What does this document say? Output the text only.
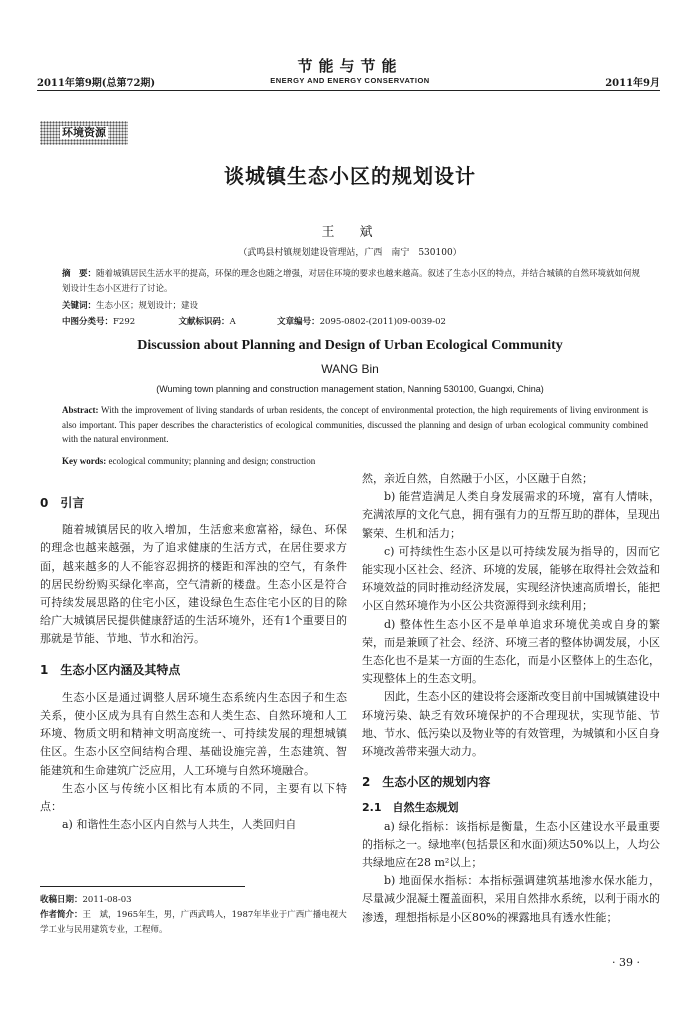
2011年第9期(总第72期)
节能与节能
ENERGY AND ENERGY CONSERVATION	2011年9月
环境资源
谈城镇生态小区的规划设计
王　斌
（武鸣县村镇规划建设管理站，广西　南宁　530100）
摘　要：随着城镇居民生活水平的提高，环保的理念也随之增强，对居住环境的要求也越来越高。叙述了生态小区的特点，并结合城镇的自然环境就如何规划设计生态小区进行了讨论。
关键词：生态小区；规划设计；建设
中图分类号：F292	文献标识码：A	文章编号：2095-0802-(2011)09-0039-02
Discussion about Planning and Design of Urban Ecological Community
WANG Bin
(Wuming town planning and construction management station, Nanning 530100, Guangxi, China)
Abstract: With the improvement of living standards of urban residents, the concept of environmental protection, the high requirements of living environment is also important. This paper describes the characteristics of ecological communities, discussed the planning and design of urban ecological community combined with the natural environment.
Key words: ecological community; planning and design; construction
0　引言

随着城镇居民的收入增加，生活愈来愈富裕，绿色、环保的理念也越来越强，为了追求健康的生活方式，在居住要求方面，越来越多的人不能容忍拥挤的楼距和浑浊的空气，有条件的居民纷纷购买绿化率高，空气清新的楼盘。生态小区是符合可持续发展思路的住宅小区，建设绿色生态住宅小区的目的除给广大城镇居民提供健康舒适的生活环境外，还有1个重要目的那就是节能、节地、节水和治污。

1　生态小区内涵及其特点

生态小区是通过调整人居环境生态系统内生态因子和生态关系，使小区成为具有自然生态和人类生态、自然环境和人工环境、物质文明和精神文明高度统一、可持续发展的理想城镇住区。生态小区空间结构合理、基础设施完善，生态建筑、智能建筑和生命建筑广泛应用，人工环境与自然环境融合。

生态小区与传统小区相比有本质的不同，主要有以下特点：

a) 和谐性生态小区内自然与人共生，人类回归自

收稿日期：2011-08-03
作者简介：王　斌，1965年生，男，广西武鸣人，1987年毕业于广西广播电视大学工业与民用建筑专业，工程师。

然，亲近自然，自然融于小区，小区融于自然；

b) 能营造满足人类自身发展需求的环境，富有人情味，充满浓厚的文化气息，拥有强有力的互帮互助的群体，呈现出繁荣、生机和活力；

c) 可持续性生态小区是以可持续发展为指导的，因而它能实现小区社会、经济、环境的发展，能够在取得社会效益和环境效益的同时推动经济发展，实现经济快速高质增长，能把小区自然环境作为小区公共资源得到永续利用；

d) 整体性生态小区不是单单追求环境优美或自身的繁荣，而是兼顾了社会、经济、环境三者的整体协调发展，小区生态化也不是某一方面的生态化，而是小区整体上的生态化，实现整体上的生态文明。

因此，生态小区的建设将会逐渐改变目前中国城镇建设中环境污染、缺乏有效环境保护的不合理现状，实现节能、节地、节水、低污染以及物业等的有效管理，为城镇和小区自身环境改善带来强大动力。

2　生态小区的规划内容
2.1　自然生态规划

a) 绿化指标：该指标是衡量，生态小区建设水平最重要的指标之一。绿地率(包括景区和水面)须达50%以上，人均公共绿地应在28 m²以上；

b) 地面保水指标：本指标强调建筑基地渗水保水能力，尽量减少混凝土覆盖面积，采用自然排水系统，以利于雨水的渗透，理想指标是小区80%的裸露地具有透水性能；

· 39 ·
